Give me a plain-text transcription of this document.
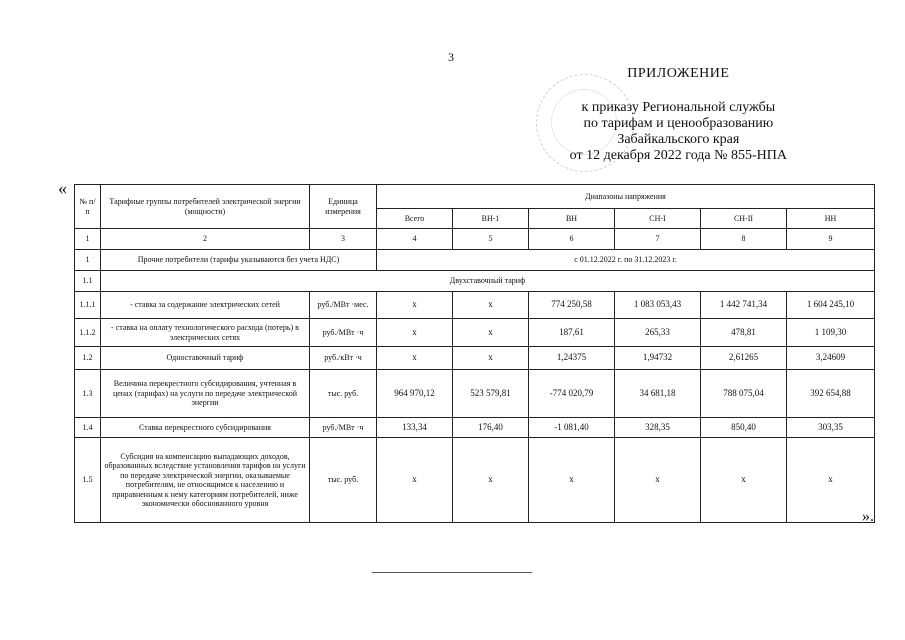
3
ПРИЛОЖЕНИЕ
к приказу Региональной службы
по тарифам и ценообразованию
Забайкальского края
от 12 декабря 2022 года № 855-НПА
«
».
№ п/п	Тарифные группы потребителей электрической энергии (мощности)	Единица измерения	Диапазоны напряжения					
			Всего	ВН-1	ВН	СН-I	СН-II	НН
1	2	3	4	5	6	7	8	9
1	Прочие потребители (тарифы указываются без учета НДС)		с 01.12.2022 г. по 31.12.2023 г.					
1.1	Двухставочный тариф							
1.1.1	- ставка за содержание электрических сетей	руб./МВт ·мес.	х	х	774 250,58	1 083 053,43	1 442 741,34	1 604 245,10
1.1.2	- ставка на оплату технологического расхода (потерь) в электрических сетях	руб./МВт ·ч	х	х	187,61	265,33	478,81	1 109,30
1.2	Одноставочный тариф	руб./кВт ·ч	х	х	1,24375	1,94732	2,61265	3,24609
1.3	Величина перекрестного субсидирования, учтенная в ценах (тарифах) на услуги по передаче электрической энергии	тыс. руб.	964 970,12	523 579,81	-774 020,79	34 681,18	788 075,04	392 654,88
1.4	Ставка перекрестного субсидирования	руб./МВт ·ч	133,34	176,40	-1 081,40	328,35	850,40	303,35
1.5	Субсидия на компенсацию выпадающих доходов, образованных вследствие установления тарифов на услуги по передаче электрической энергии, оказываемые потребителям, не относящимся к населению и приравненным к нему категориям потребителей, ниже экономически обоснованного уровня	тыс. руб.	х	х	х	х	х	х
